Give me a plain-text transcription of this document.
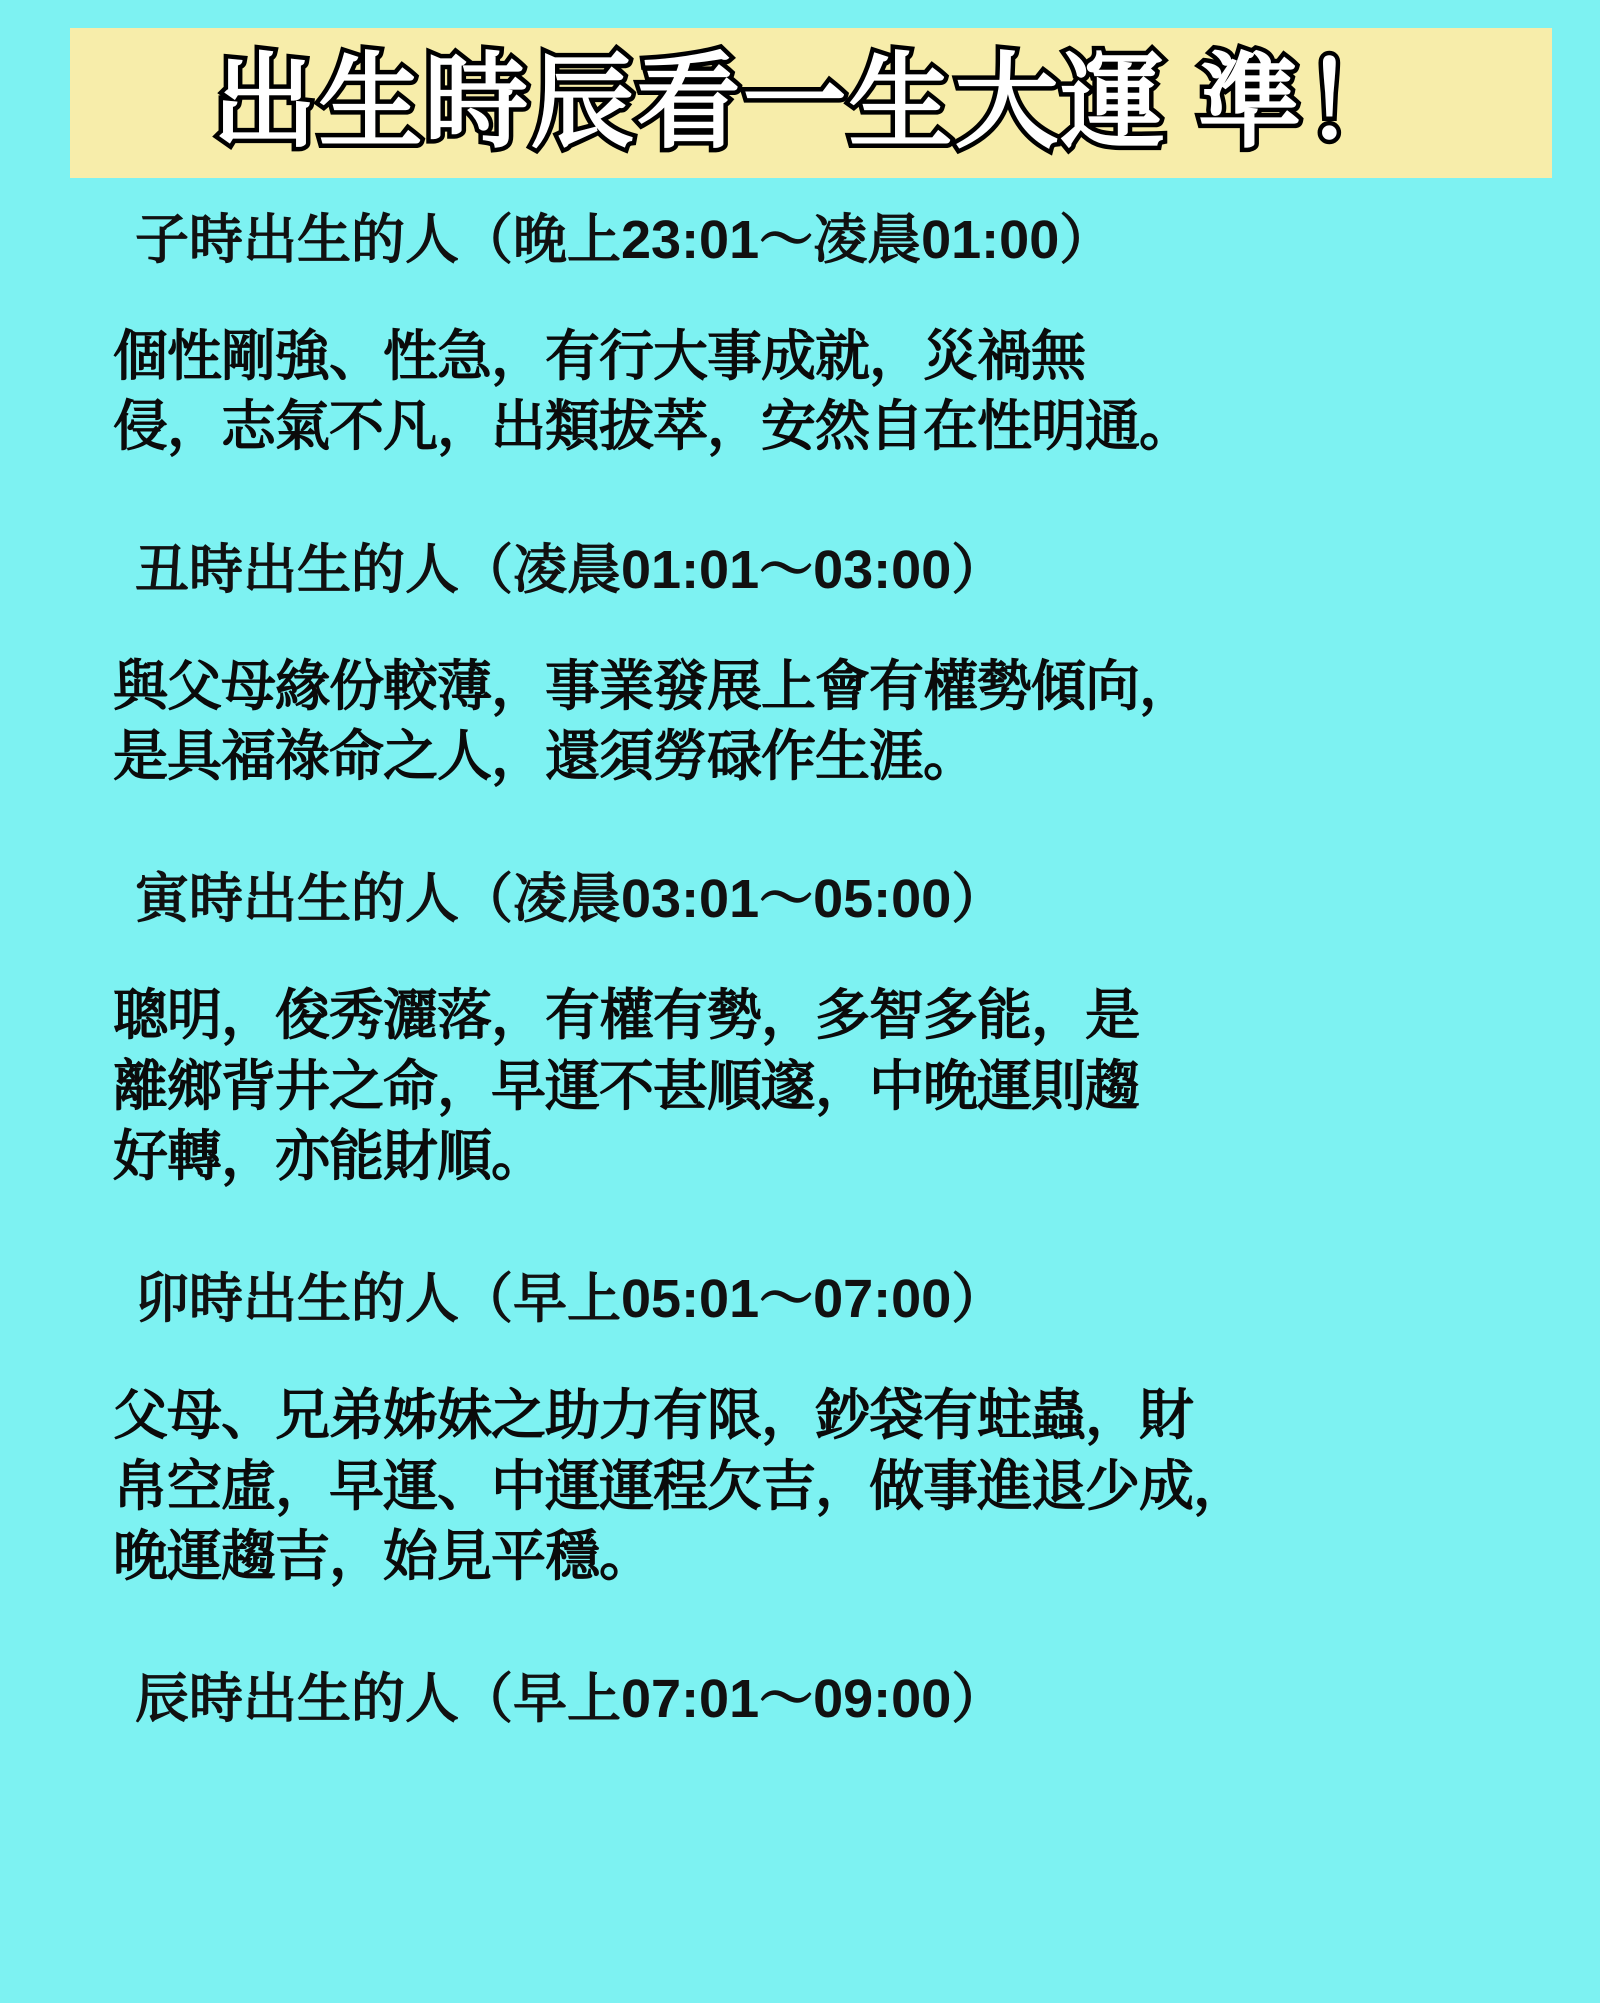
出生時辰看一生大運 準！
子時出生的人（晚上23:01～凌晨01:00）
個性剛強、性急，有行大事成就，災禍無
侵，志氣不凡，出類拔萃，安然自在性明通。
丑時出生的人（凌晨01:01～03:00）
與父母緣份較薄，事業發展上會有權勢傾向，
是具福祿命之人，還須勞碌作生涯。
寅時出生的人（凌晨03:01～05:00）
聰明，俊秀灑落，有權有勢，多智多能，是
離鄉背井之命，早運不甚順邃，中晚運則趨
好轉，亦能財順。
卯時出生的人（早上05:01～07:00）
父母、兄弟姊妹之助力有限，鈔袋有蛀蟲，財
帛空虛，早運、中運運程欠吉，做事進退少成，
晚運趨吉，始見平穩。
辰時出生的人（早上07:01～09:00）
